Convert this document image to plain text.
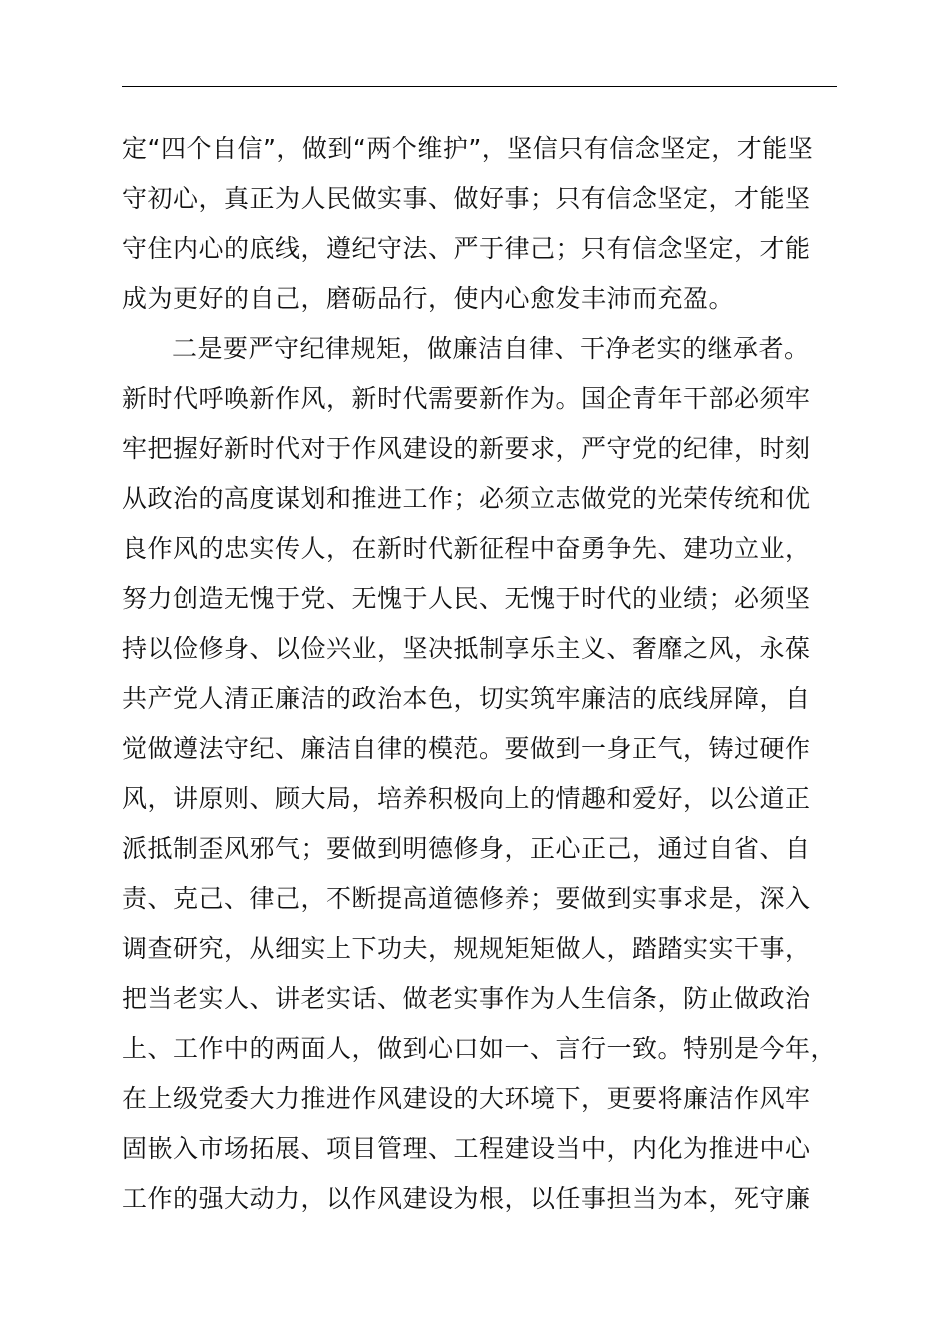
定“四个自信”，做到“两个维护”，坚信只有信念坚定，才能坚
守初心，真正为人民做实事、做好事；只有信念坚定，才能坚
守住内心的底线，遵纪守法、严于律己；只有信念坚定，才能
成为更好的自己，磨砺品行，使内心愈发丰沛而充盈。
二是要严守纪律规矩，做廉洁自律、干净老实的继承者。
新时代呼唤新作风，新时代需要新作为。国企青年干部必须牢
牢把握好新时代对于作风建设的新要求，严守党的纪律，时刻
从政治的高度谋划和推进工作；必须立志做党的光荣传统和优
良作风的忠实传人，在新时代新征程中奋勇争先、建功立业，
努力创造无愧于党、无愧于人民、无愧于时代的业绩；必须坚
持以俭修身、以俭兴业，坚决抵制享乐主义、奢靡之风，永葆
共产党人清正廉洁的政治本色，切实筑牢廉洁的底线屏障，自
觉做遵法守纪、廉洁自律的模范。要做到一身正气，铸过硬作
风，讲原则、顾大局，培养积极向上的情趣和爱好，以公道正
派抵制歪风邪气；要做到明德修身，正心正己，通过自省、自
责、克己、律己，不断提高道德修养；要做到实事求是，深入
调查研究，从细实上下功夫，规规矩矩做人，踏踏实实干事，
把当老实人、讲老实话、做老实事作为人生信条，防止做政治
上、工作中的两面人，做到心口如一、言行一致。特别是今年，
在上级党委大力推进作风建设的大环境下，更要将廉洁作风牢
固嵌入市场拓展、项目管理、工程建设当中，内化为推进中心
工作的强大动力，以作风建设为根，以任事担当为本，死守廉
